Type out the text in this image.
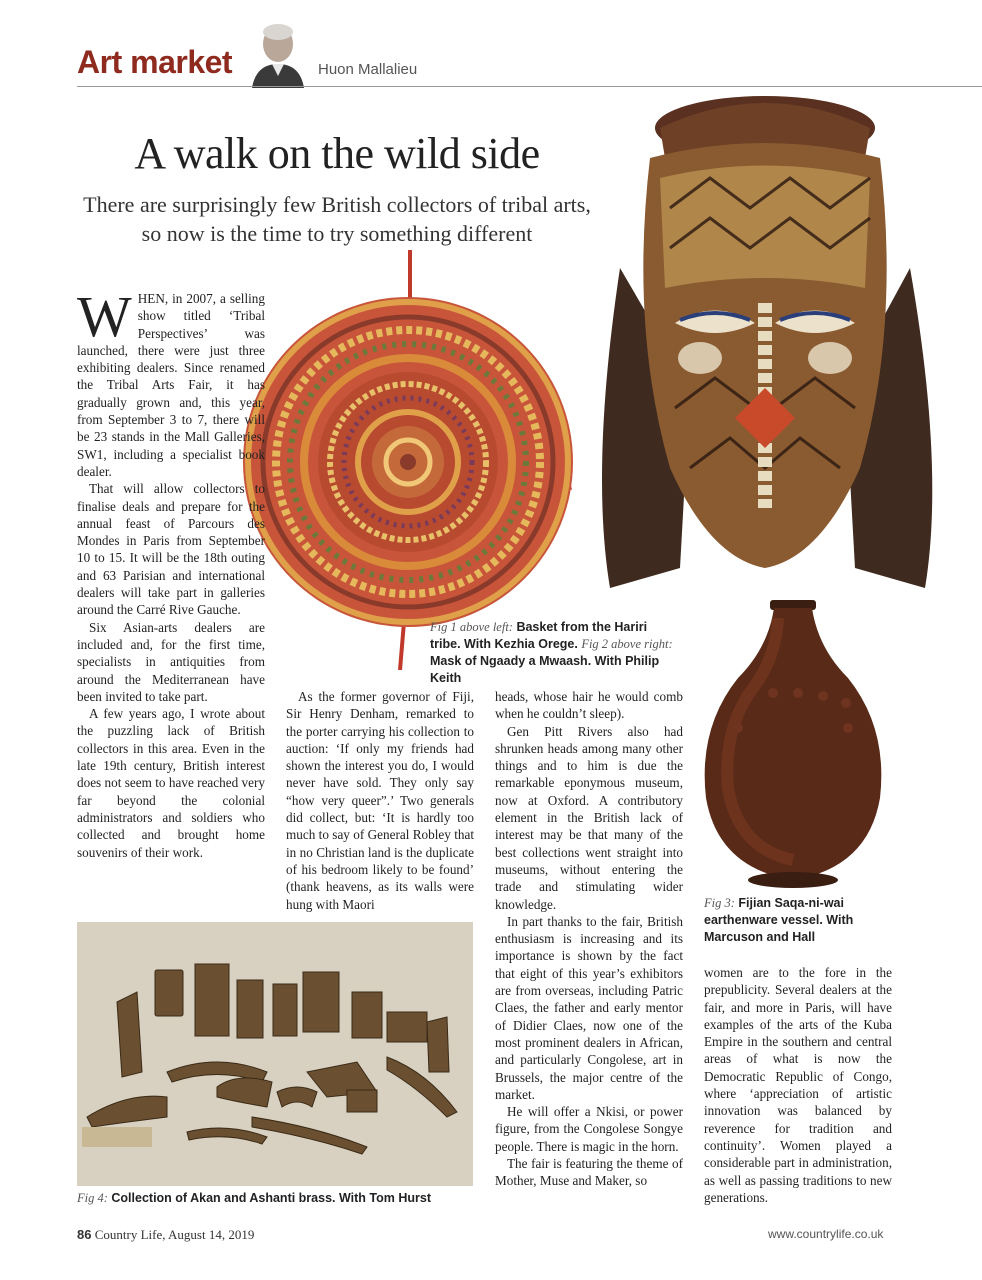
Art market	Huon Mallalieu
A walk on the wild side
There are surprisingly few British collectors of tribal arts, so now is the time to try something different
Fig 1 above left: Basket from the Hariri tribe. With Kezhia Orege. Fig 2 above right: Mask of Ngaady a Mwaash. With Philip Keith
Fig 3: Fijian Saqa-ni-wai earthenware vessel. With Marcuson and Hall
Fig 4: Collection of Akan and Ashanti brass. With Tom Hurst

WHEN, in 2007, a selling show titled ‘Tribal Perspectives’ was launched, there were just three exhibiting dealers. Since renamed the Tribal Arts Fair, it has gradually grown and, this year, from September 3 to 7, there will be 23 stands in the Mall Galleries, SW1, including a specialist book dealer.

That will allow collectors to finalise deals and prepare for the annual feast of Parcours des Mondes in Paris from September 10 to 15. It will be the 18th outing and 63 Parisian and international dealers will take part in galleries around the Carré Rive Gauche.

Six Asian-arts dealers are included and, for the first time, specialists in antiquities from around the Mediterranean have been invited to take part.

A few years ago, I wrote about the puzzling lack of British collectors in this area. Even in the late 19th century, British interest does not seem to have reached very far beyond the colonial administrators and soldiers who collected and brought home souvenirs of their work.

As the former governor of Fiji, Sir Henry Denham, remarked to the porter carrying his collection to auction: ‘If only my friends had shown the interest you do, I would never have sold. They only say “how very queer”.’ Two generals did collect, but: ‘It is hardly too much to say of General Robley that in no Christian land is the duplicate of his bedroom likely to be found’ (thank heavens, as its walls were hung with Maori

heads, whose hair he would comb when he couldn’t sleep).

Gen Pitt Rivers also had shrunken heads among many other things and to him is due the remarkable eponymous museum, now at Oxford. A contributory element in the British lack of interest may be that many of the best collections went straight into museums, without entering the trade and stimulating wider knowledge.

In part thanks to the fair, British enthusiasm is increasing and its importance is shown by the fact that eight of this year’s exhibitors are from overseas, including Patric Claes, the father and early mentor of Didier Claes, now one of the most prominent dealers in African, and particularly Congolese, art in Brussels, the major centre of the market.

He will offer a Nkisi, or power figure, from the Congolese Songye people. There is magic in the horn.

The fair is featuring the theme of Mother, Muse and Maker, so

women are to the fore in the prepublicity. Several dealers at the fair, and more in Paris, will have examples of the arts of the Kuba Empire in the southern and central areas of what is now the Democratic Republic of Congo, where ‘appreciation of artistic innovation was balanced by reverence for tradition and continuity’. Women played a considerable part in administration, as well as passing traditions to new generations.

86 Country Life, August 14, 2019	www.countrylife.co.uk
